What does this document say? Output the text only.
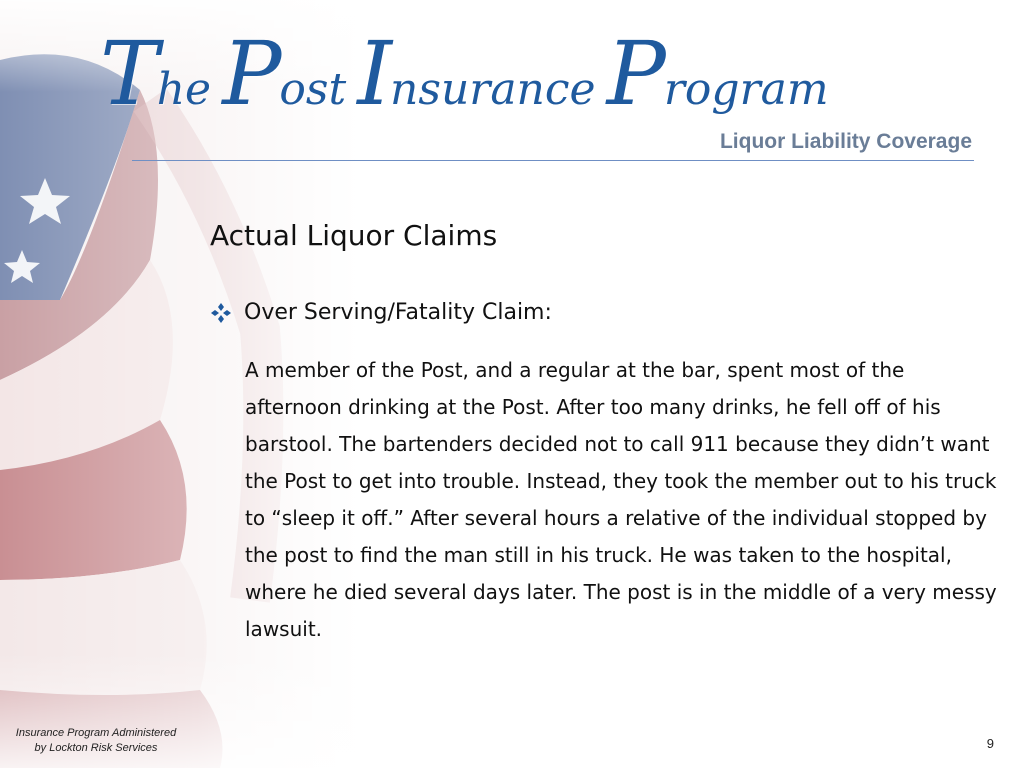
The Post Insurance Program
Liquor Liability Coverage
Actual Liquor Claims
Over Serving/Fatality Claim:

A member of the Post, and a regular at the bar, spent most of the afternoon drinking at the Post. After too many drinks, he fell off of his barstool. The bartenders decided not to call 911 because they didn’t want the Post to get into trouble. Instead, they took the member out to his truck to “sleep it off.” After several hours a relative of the individual stopped by the post to find the man still in his truck. He was taken to the hospital, where he died several days later. The post is in the middle of a very messy lawsuit.

Insurance Program Administered
by Lockton Risk Services	9
